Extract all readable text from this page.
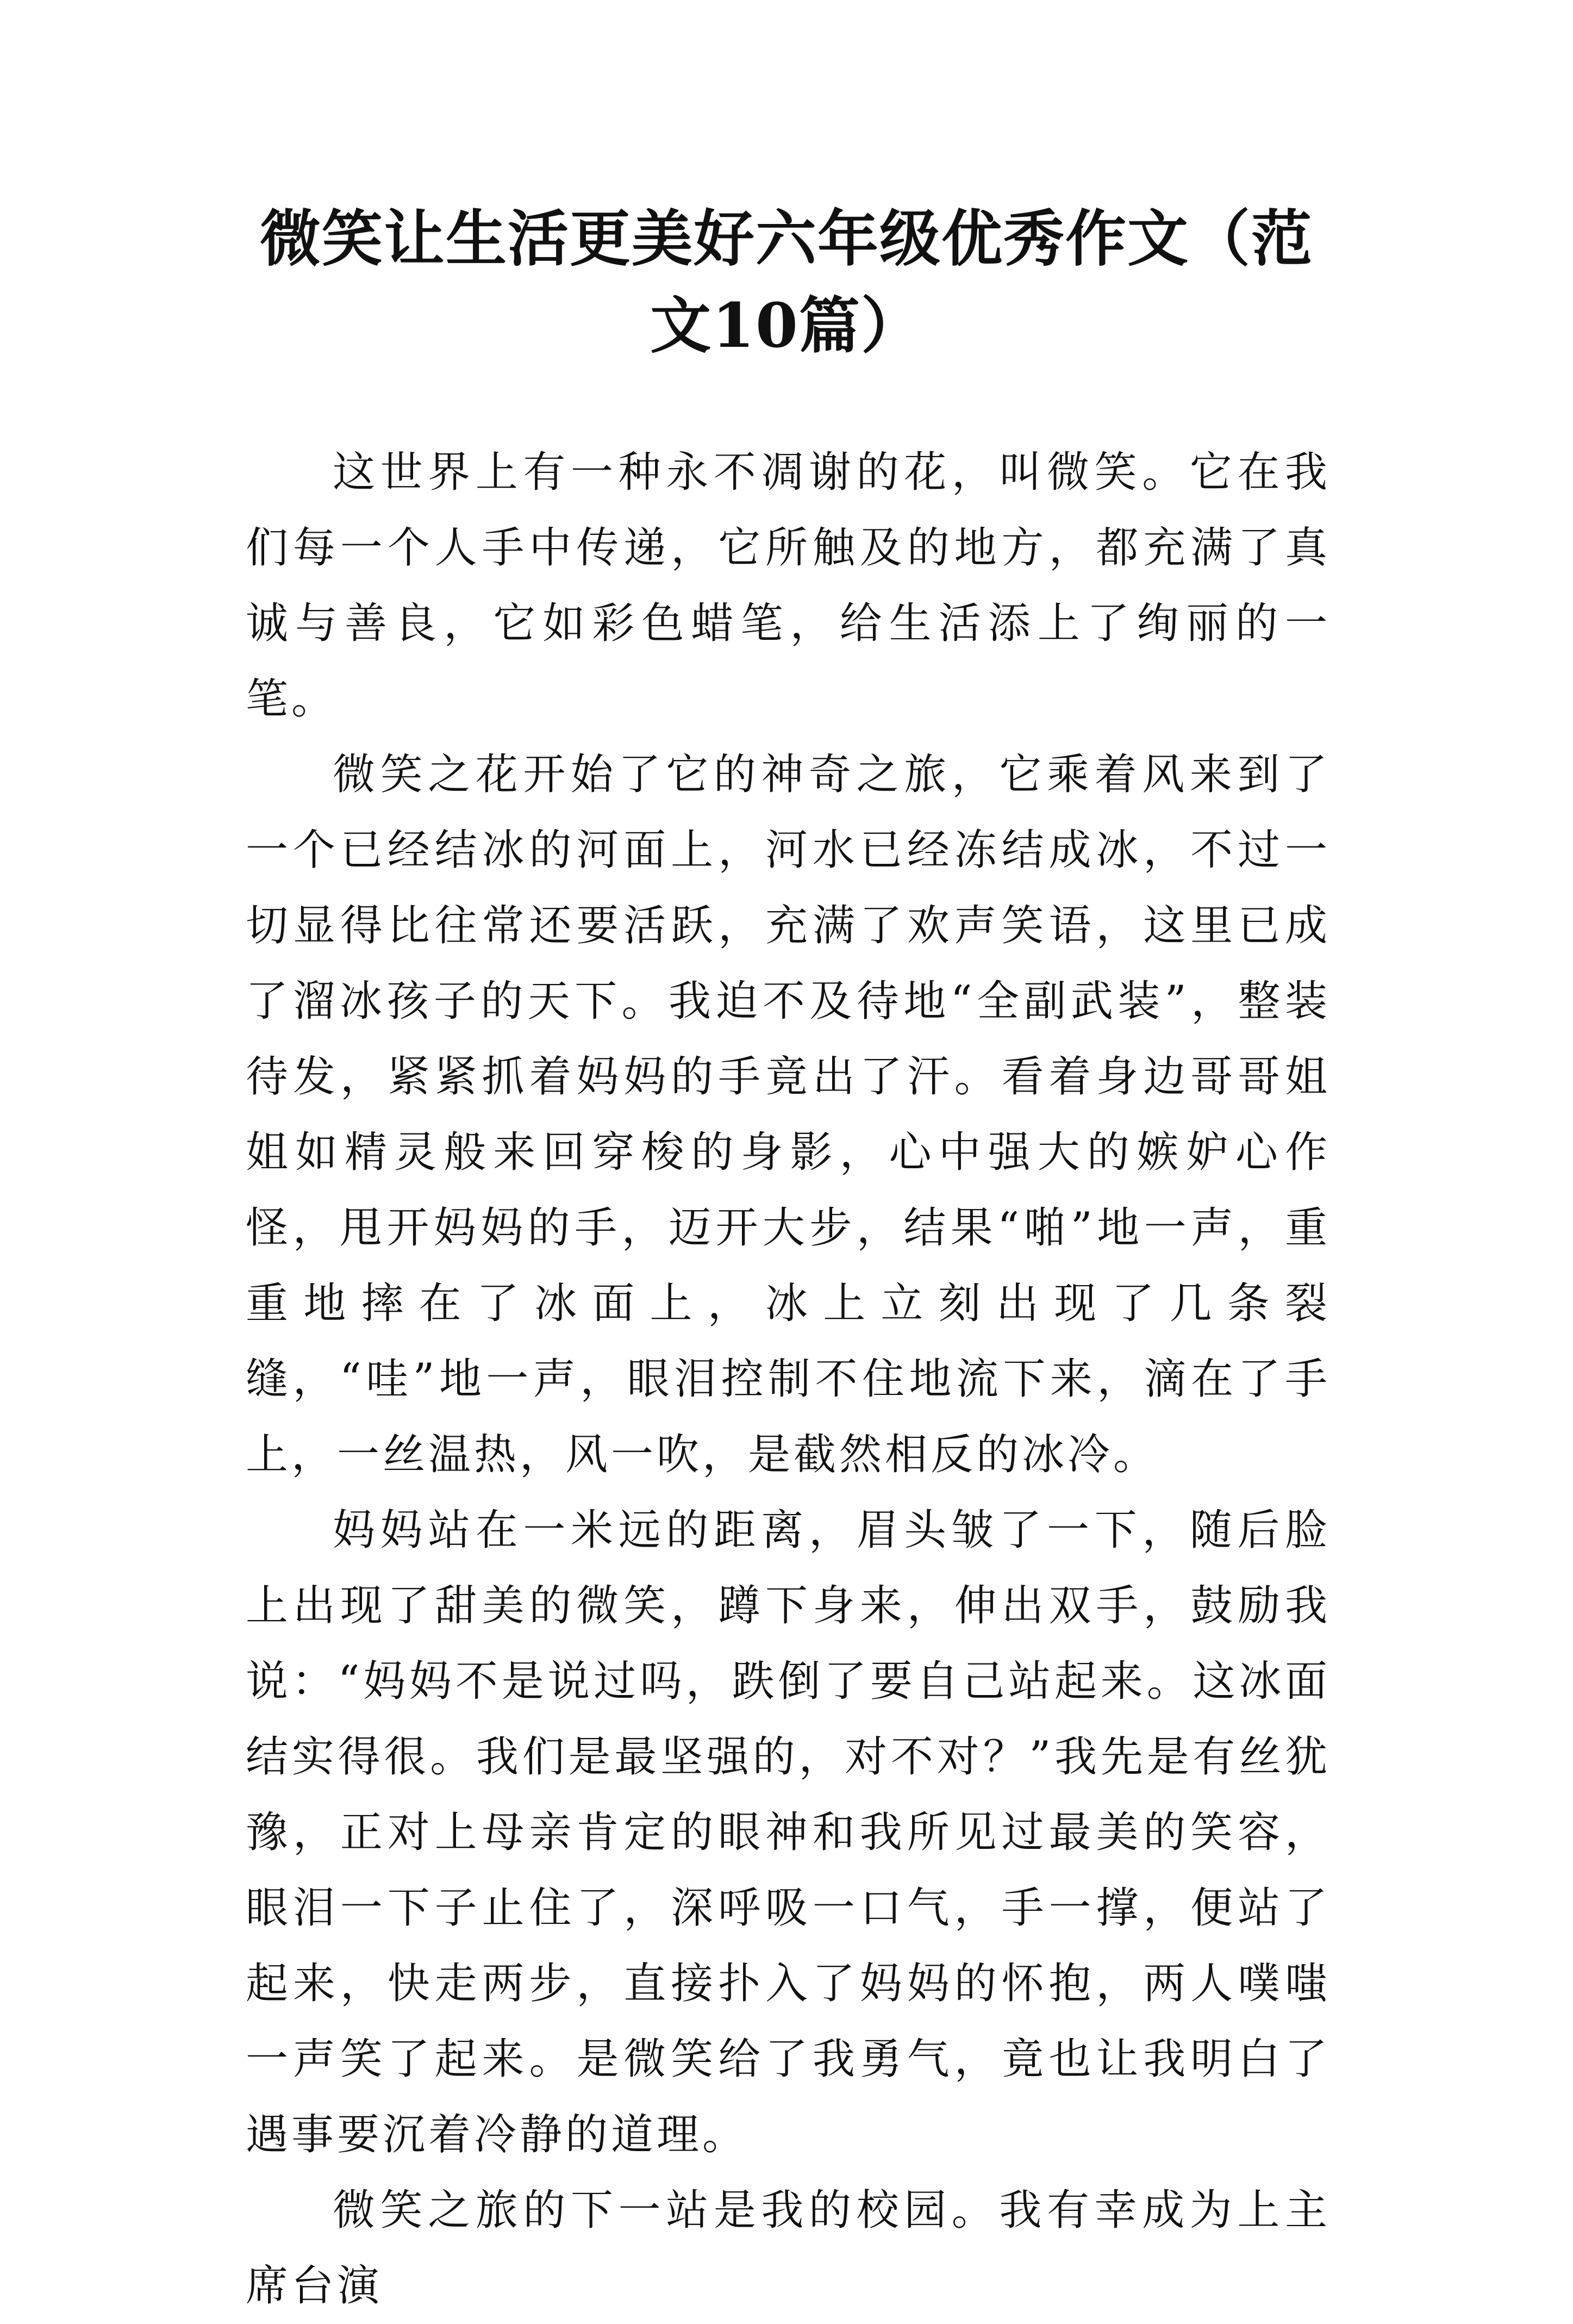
微笑让生活更美好六年级优秀作文（范文10篇）

这世界上有一种永不凋谢的花，叫微笑。它在我们每一个人手中传递，它所触及的地方，都充满了真诚与善良，它如彩色蜡笔，给生活添上了绚丽的一笔。

微笑之花开始了它的神奇之旅，它乘着风来到了一个已经结冰的河面上，河水已经冻结成冰，不过一切显得比往常还要活跃，充满了欢声笑语，这里已成了溜冰孩子的天下。我迫不及待地“全副武装”，整装待发，紧紧抓着妈妈的手竟出了汗。看着身边哥哥姐姐如精灵般来回穿梭的身影，心中强大的嫉妒心作怪，甩开妈妈的手，迈开大步，结果“啪”地一声，重重地摔在了冰面上，冰上立刻出现了几条裂缝，“哇”地一声，眼泪控制不住地流下来，滴在了手上，一丝温热，风一吹，是截然相反的冰冷。

妈妈站在一米远的距离，眉头皱了一下，随后脸上出现了甜美的微笑，蹲下身来，伸出双手，鼓励我说：“妈妈不是说过吗，跌倒了要自己站起来。这冰面结实得很。我们是最坚强的，对不对？”我先是有丝犹豫，正对上母亲肯定的眼神和我所见过最美的笑容，眼泪一下子止住了，深呼吸一口气，手一撑，便站了起来，快走两步，直接扑入了妈妈的怀抱，两人噗嗤一声笑了起来。是微笑给了我勇气，竟也让我明白了遇事要沉着冷静的道理。

微笑之旅的下一站是我的校园。我有幸成为上主席台演
